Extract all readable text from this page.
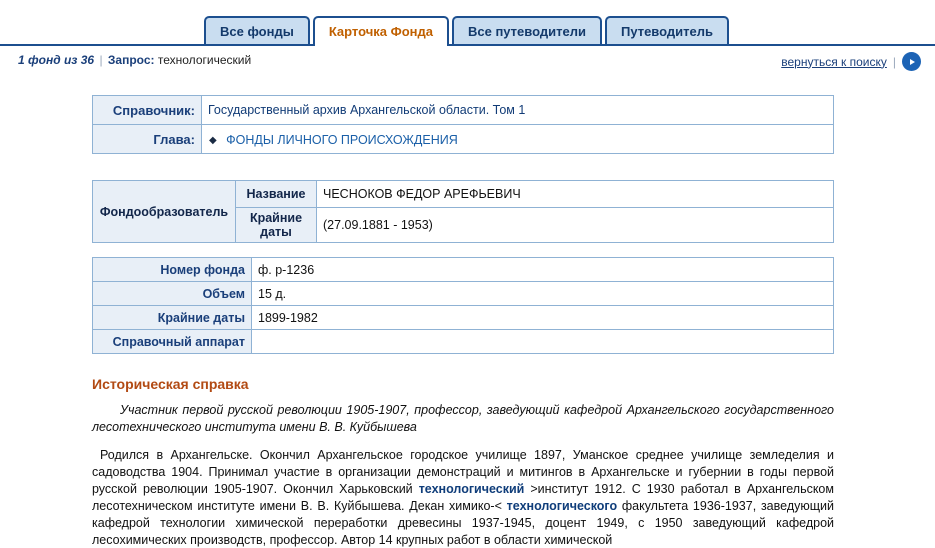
Все фонды	Карточка Фонда	Все путеводители	Путеводитель
1 фонд из 36 | Запрос: технологический	вернуться к поиску |
Справочник:	Государственный архив Архангельской области. Том 1
Глава:	◆ ФОНДЫ ЛИЧНОГО ПРОИСХОЖДЕНИЯ
Фондообразователь	Название	ЧЕСНОКОВ ФЕДОР АРЕФЬЕВИЧ
	Крайние даты	(27.09.1881 - 1953)
Номер фонда	ф. р-1236
Объем	15 д.
Крайние даты	1899-1982
Справочный аппарат	
Историческая справка
Участник первой русской революции 1905-1907, профессор, заведующий кафедрой Архангельского государственного лесотехнического института имени В. В. Куйбышева
Родился в Архангельске. Окончил Архангельское городское училище 1897, Уманское среднее училище земледелия и садоводства 1904. Принимал участие в организации демонстраций и митингов в Архангельске и губернии в годы первой русской революции 1905-1907. Окончил Харьковский технологический >институт 1912. С 1930 работал в Архангельском лесотехническом институте имени В. В. Куйбышева. Декан химико-< технологического факультета 1936-1937, заведующий кафедрой технологии химической переработки древесины 1937-1945, доцент 1949, с 1950 заведующий кафедрой лесохимических производств, профессор. Автор 14 крупных работ в области химической
